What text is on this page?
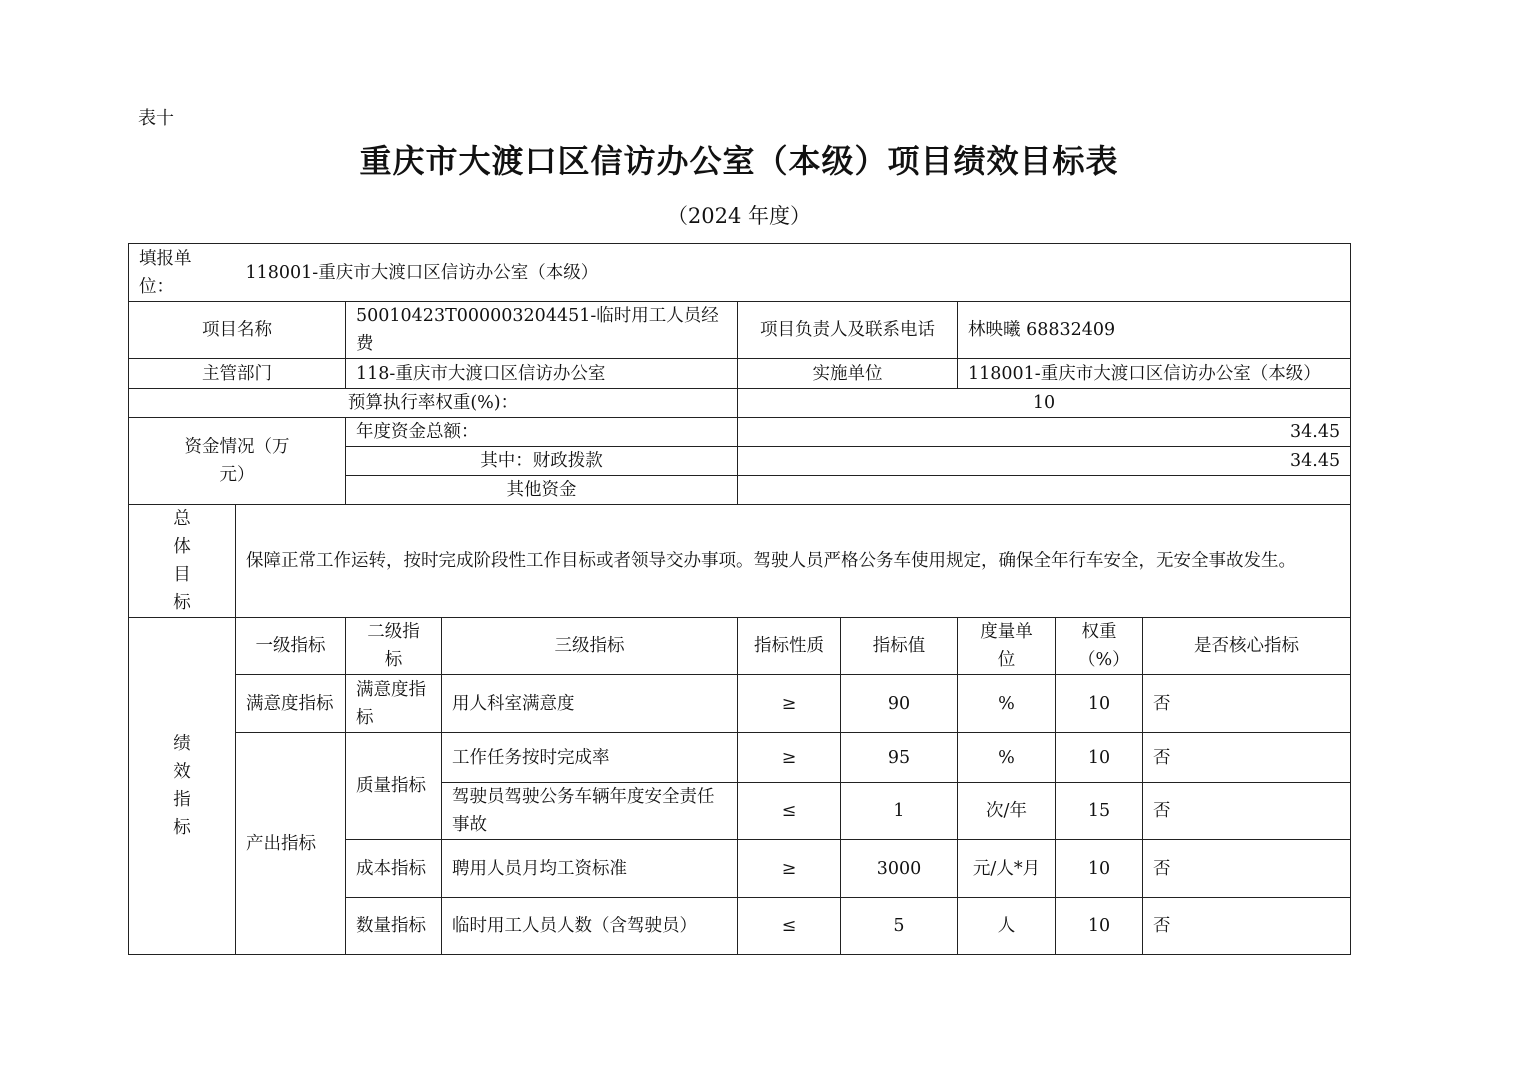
表十
重庆市大渡口区信访办公室（本级）项目绩效目标表
（2024 年度）
填报单位：	118001-重庆市大渡口区信访办公室（本级）							
项目名称		50010423T000003204451-临时用工人员经费		项目负责人及联系电话		林映曦 68832409		
主管部门		118-重庆市大渡口区信访办公室		实施单位		118001-重庆市大渡口区信访办公室（本级）		
预算执行率权重(%)：				10				
资金情况（万元）		年度资金总额：		34.45				
		其中：财政拨款		34.45				
		其他资金						
总体目标	保障正常工作运转，按时完成阶段性工作目标或者领导交办事项。驾驶人员严格公务车使用规定，确保全年行车安全，无安全事故发生。							
绩效指标	一级指标	二级指标	三级指标	指标性质	指标值	度量单位	权重（%）	是否核心指标
	满意度指标	满意度指标	用人科室满意度	≥	90	%	10	否
	产出指标	质量指标	工作任务按时完成率	≥	95	%	10	否
			驾驶员驾驶公务车辆年度安全责任事故	≤	1	次/年	15	否
		成本指标	聘用人员月均工资标准	≥	3000	元/人*月	10	否
		数量指标	临时用工人员人数（含驾驶员）	≤	5	人	10	否
